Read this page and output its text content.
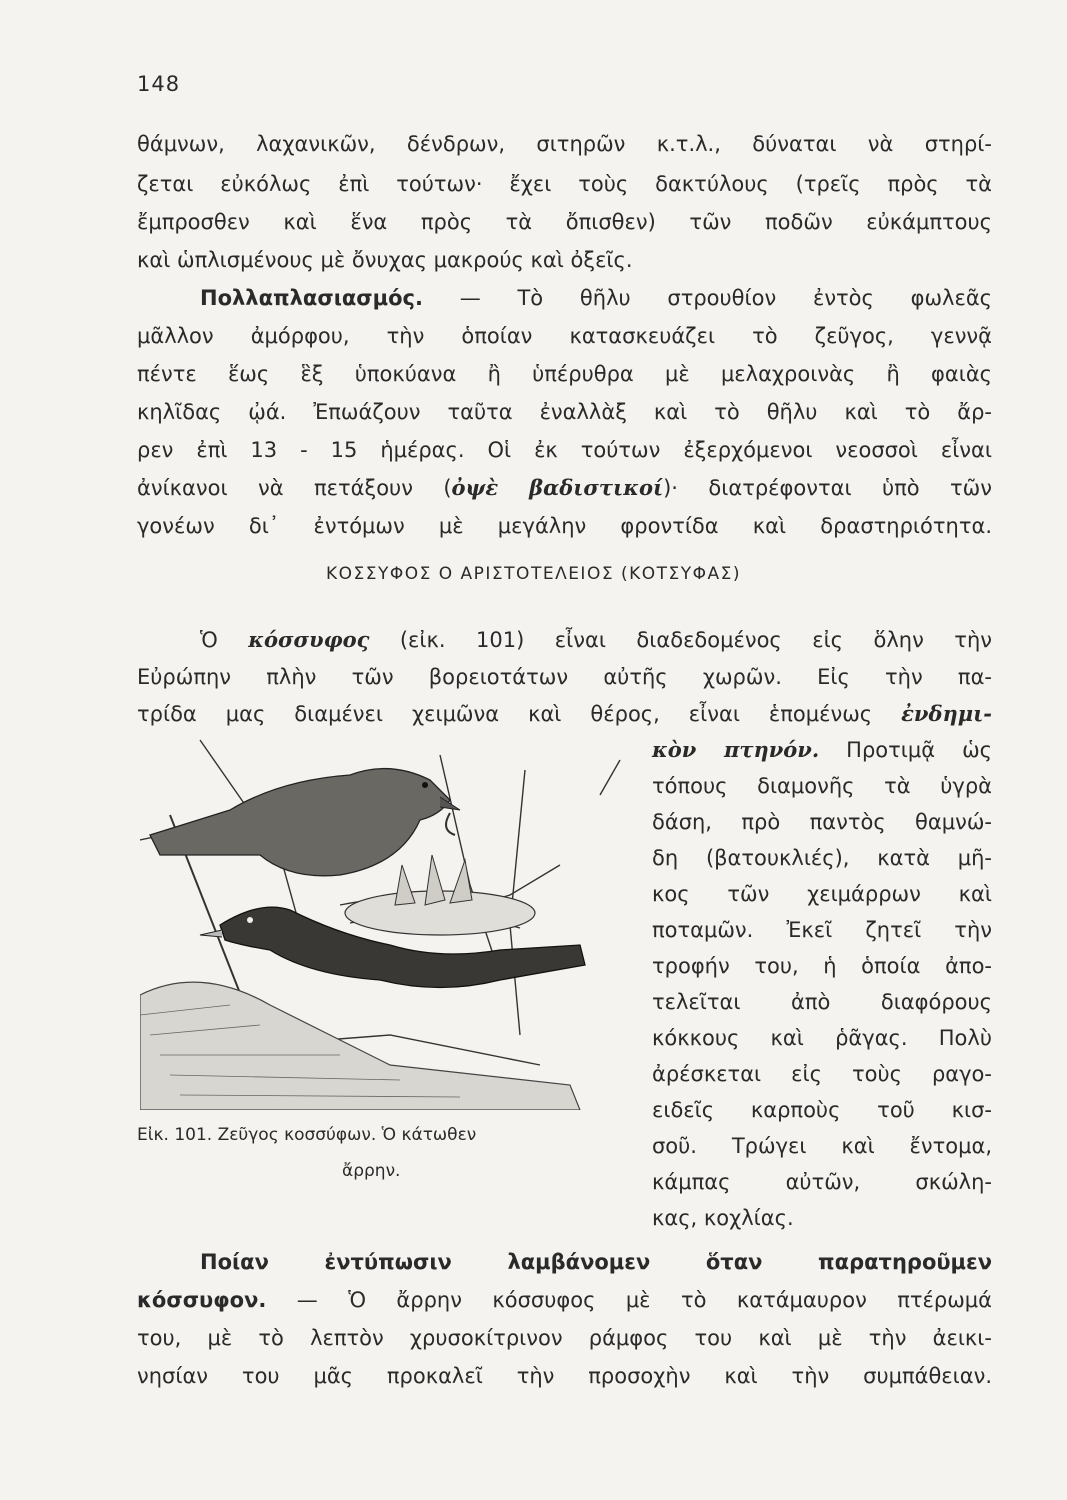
148
θάμνων, λαχανικῶν, δένδρων, σιτηρῶν κ.τ.λ., δύναται νὰ στηρί-
ζεται εὐκόλως ἐπὶ τούτων· ἔχει τοὺς δακτύλους (τρεῖς πρὸς τὰ
ἔμπροσθεν καὶ ἕνα πρὸς τὰ ὄπισθεν) τῶν ποδῶν εὐκάμπτους
καὶ ὡπλισμένους μὲ ὄνυχας μακρούς καὶ ὀξεῖς.
Πολλαπλασιασμός. — Τὸ θῆλυ στρουθίον ἐντὸς φωλεᾶς
μᾶλλον ἀμόρφου, τὴν ὁποίαν κατασκευάζει τὸ ζεῦγος, γεννᾷ
πέντε ἕως ἓξ ὑποκύανα ἢ ὑπέρυθρα μὲ μελαχροινὰς ἢ φαιὰς
κηλῖδας ᾠά. Ἐπωάζουν ταῦτα ἐναλλὰξ καὶ τὸ θῆλυ καὶ τὸ ἄρ-
ρεν ἐπὶ 13 - 15 ἡμέρας. Οἱ ἐκ τούτων ἐξερχόμενοι νεοσσοὶ εἶναι
ἀνίκανοι νὰ πετάξουν (ὀψὲ βαδιστικοί)· διατρέφονται ὑπὸ τῶν
γονέων δι᾽ ἐντόμων μὲ μεγάλην φροντίδα καὶ δραστηριότητα.
ΚΟΣΣΥΦΟΣ Ο ΑΡΙΣΤΟΤΕΛΕΙΟΣ (ΚΟΤΣΥΦΑΣ)
Ὁ κόσσυφος (εἰκ. 101) εἶναι διαδεδομένος εἰς ὅλην τὴν
Εὐρώπην πλὴν τῶν βορειοτάτων αὐτῆς χωρῶν. Εἰς τὴν πα-
τρίδα μας διαμένει χειμῶνα καὶ θέρος, εἶναι ἑπομένως ἐνδημι-
κὸν πτηνόν. Προτιμᾷ ὡς
τόπους διαμονῆς τὰ ὑγρὰ
δάση, πρὸ παντὸς θαμνώ-
δη (βατουκλιές), κατὰ μῆ-
κος τῶν χειμάρρων καὶ
ποταμῶν. Ἐκεῖ ζητεῖ τὴν
τροφήν του, ἡ ὁποία ἀπο-
τελεῖται ἀπὸ διαφόρους
κόκκους καὶ ῥᾶγας. Πολὺ
ἀρέσκεται εἰς τοὺς ραγο-
ειδεῖς καρποὺς τοῦ κισ-
σοῦ. Τρώγει καὶ ἔντομα,
κάμπας αὐτῶν, σκώλη-
κας, κοχλίας.
Εἰκ. 101. Ζεῦγος κοσσύφων. Ὁ κάτωθεν
ἄρρην.
Ποίαν ἐντύπωσιν λαμβάνομεν ὅταν παρατηροῦμεν
κόσσυφον. — Ὁ ἄρρην κόσσυφος μὲ τὸ κατάμαυρον πτέρωμά
του, μὲ τὸ λεπτὸν χρυσοκίτρινον ράμφος του καὶ μὲ τὴν ἀεικι-
νησίαν του μᾶς προκαλεῖ τὴν προσοχὴν καὶ τὴν συμπάθειαν.
